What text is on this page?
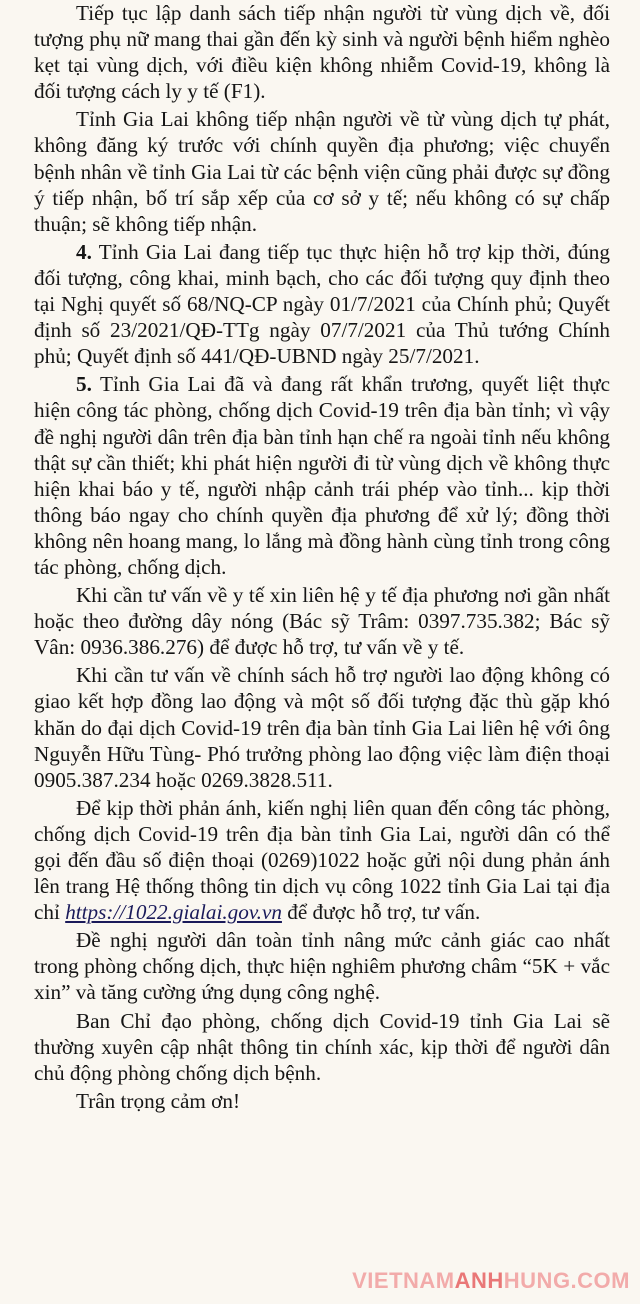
Tiếp tục lập danh sách tiếp nhận người từ vùng dịch về, đối tượng phụ nữ mang thai gần đến kỳ sinh và người bệnh hiểm nghèo kẹt tại vùng dịch, với điều kiện không nhiễm Covid-19, không là đối tượng cách ly y tế (F1).

Tỉnh Gia Lai không tiếp nhận người về từ vùng dịch tự phát, không đăng ký trước với chính quyền địa phương; việc chuyển bệnh nhân về tỉnh Gia Lai từ các bệnh viện cũng phải được sự đồng ý tiếp nhận, bố trí sắp xếp của cơ sở y tế; nếu không có sự chấp thuận; sẽ không tiếp nhận.

4. Tỉnh Gia Lai đang tiếp tục thực hiện hỗ trợ kịp thời, đúng đối tượng, công khai, minh bạch, cho các đối tượng quy định theo tại Nghị quyết số 68/NQ-CP ngày 01/7/2021 của Chính phủ; Quyết định số 23/2021/QĐ-TTg ngày 07/7/2021 của Thủ tướng Chính phủ; Quyết định số 441/QĐ-UBND ngày 25/7/2021.

5. Tỉnh Gia Lai đã và đang rất khẩn trương, quyết liệt thực hiện công tác phòng, chống dịch Covid-19 trên địa bàn tỉnh; vì vậy đề nghị người dân trên địa bàn tỉnh hạn chế ra ngoài tỉnh nếu không thật sự cần thiết; khi phát hiện người đi từ vùng dịch về không thực hiện khai báo y tế, người nhập cảnh trái phép vào tỉnh... kịp thời thông báo ngay cho chính quyền địa phương để xử lý; đồng thời không nên hoang mang, lo lắng mà đồng hành cùng tỉnh trong công tác phòng, chống dịch.

Khi cần tư vấn về y tế xin liên hệ y tế địa phương nơi gần nhất hoặc theo đường dây nóng (Bác sỹ Trâm: 0397.735.382; Bác sỹ Vân: 0936.386.276) để được hỗ trợ, tư vấn về y tế.

Khi cần tư vấn về chính sách hỗ trợ người lao động không có giao kết hợp đồng lao động và một số đối tượng đặc thù gặp khó khăn do đại dịch Covid-19 trên địa bàn tỉnh Gia Lai liên hệ với ông Nguyễn Hữu Tùng- Phó trưởng phòng lao động việc làm điện thoại 0905.387.234 hoặc 0269.3828.511.

Để kịp thời phản ánh, kiến nghị liên quan đến công tác phòng, chống dịch Covid-19 trên địa bàn tỉnh Gia Lai, người dân có thể gọi đến đầu số điện thoại (0269)1022 hoặc gửi nội dung phản ánh lên trang Hệ thống thông tin dịch vụ công 1022 tỉnh Gia Lai tại địa chỉ https://1022.gialai.gov.vn để được hỗ trợ, tư vấn.

Đề nghị người dân toàn tỉnh nâng mức cảnh giác cao nhất trong phòng chống dịch, thực hiện nghiêm phương châm “5K + vắc xin” và tăng cường ứng dụng công nghệ.

Ban Chỉ đạo phòng, chống dịch Covid-19 tỉnh Gia Lai sẽ thường xuyên cập nhật thông tin chính xác, kịp thời để người dân chủ động phòng chống dịch bệnh.

Trân trọng cảm ơn!

VIETNAMANHHUNG.COM
